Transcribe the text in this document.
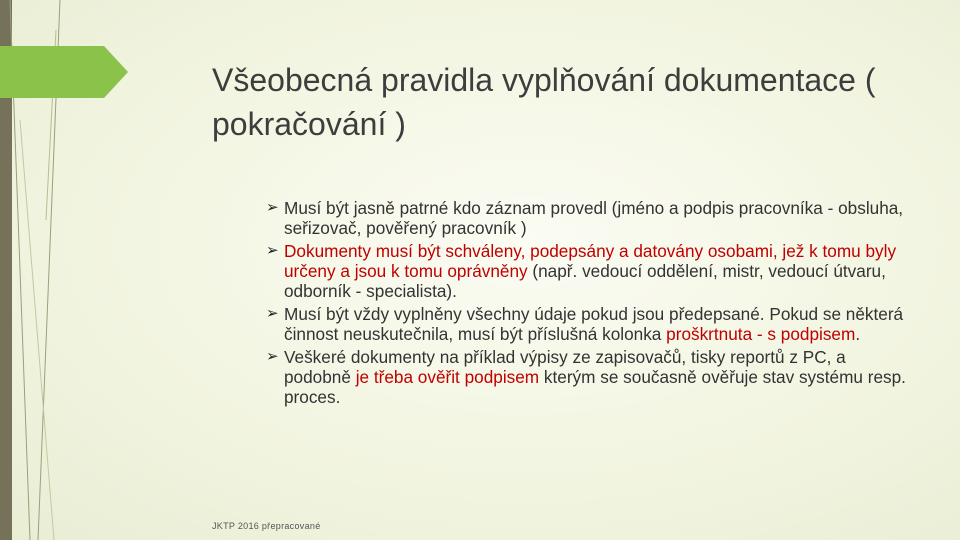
Všeobecná pravidla vyplňování dokumentace ( pokračování )
➢ Musí být jasně patrné kdo záznam provedl (jméno a podpis pracovníka - obsluha, seřizovač, pověřený pracovník )
➢ Dokumenty musí být schváleny, podepsány a datovány osobami, jež k tomu byly určeny a jsou k tomu oprávněny (např. vedoucí oddělení, mistr, vedoucí útvaru, odborník - specialista).
➢ Musí být vždy vyplněny všechny údaje pokud jsou předepsané. Pokud se některá činnost neuskutečnila, musí být příslušná kolonka proškrtnuta - s podpisem.
➢ Veškeré dokumenty na příklad výpisy ze zapisovačů, tisky reportů z PC, a podobně je třeba ověřit podpisem kterým se současně ověřuje stav systému resp. proces.
JKTP 2016 přepracované
